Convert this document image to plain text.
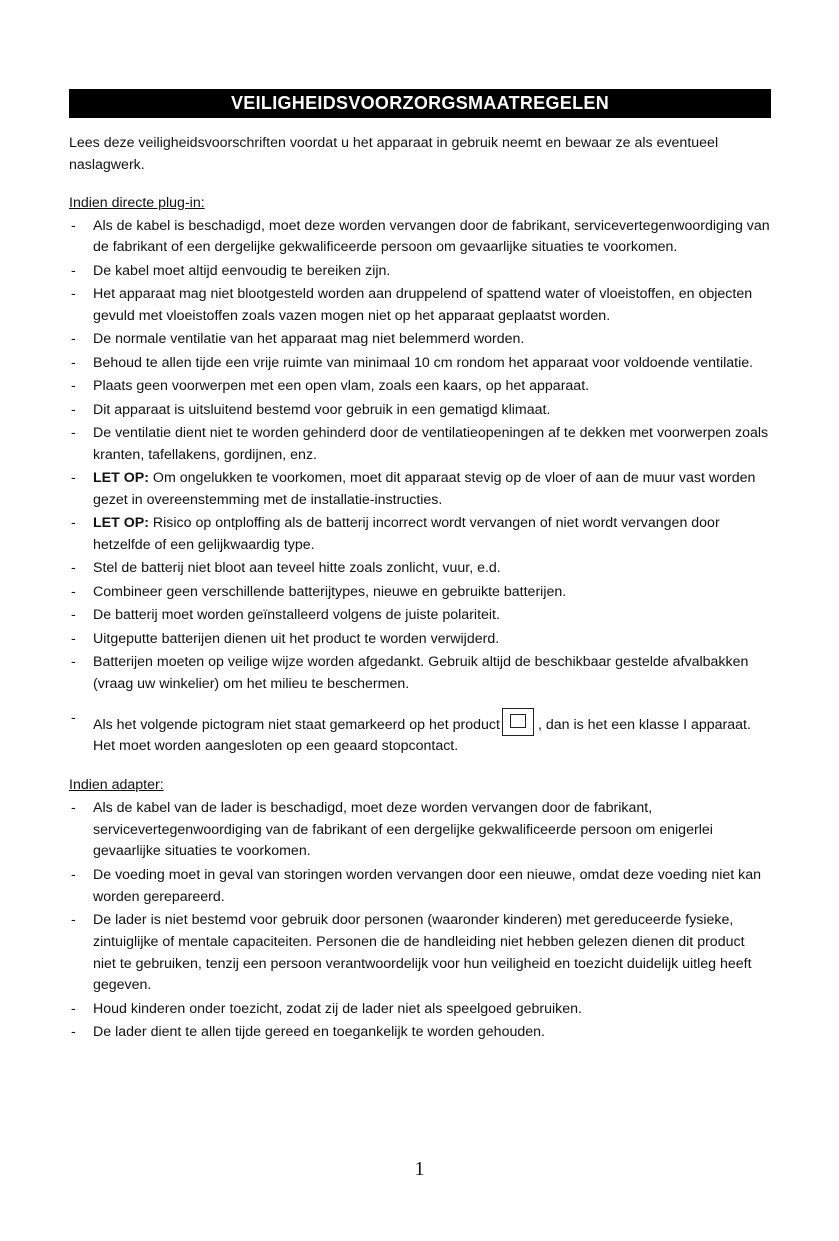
VEILIGHEIDSVOORZORGSMAATREGELEN
Lees deze veiligheidsvoorschriften voordat u het apparaat in gebruik neemt en bewaar ze als eventueel naslagwerk.
Indien directe plug-in:
- Als de kabel is beschadigd, moet deze worden vervangen door de fabrikant, servicevertegenwoordiging van de fabrikant of een dergelijke gekwalificeerde persoon om gevaarlijke situaties te voorkomen.
- De kabel moet altijd eenvoudig te bereiken zijn.
- Het apparaat mag niet blootgesteld worden aan druppelend of spattend water of vloeistoffen, en objecten gevuld met vloeistoffen zoals vazen mogen niet op het apparaat geplaatst worden.
- De normale ventilatie van het apparaat mag niet belemmerd worden.
- Behoud te allen tijde een vrije ruimte van minimaal 10 cm rondom het apparaat voor voldoende ventilatie.
- Plaats geen voorwerpen met een open vlam, zoals een kaars, op het apparaat.
- Dit apparaat is uitsluitend bestemd voor gebruik in een gematigd klimaat.
- De ventilatie dient niet te worden gehinderd door de ventilatieopeningen af te dekken met voorwerpen zoals kranten, tafellakens, gordijnen, enz.
- LET OP: Om ongelukken te voorkomen, moet dit apparaat stevig op de vloer of aan de muur vast worden gezet in overeenstemming met de installatie-instructies.
- LET OP: Risico op ontploffing als de batterij incorrect wordt vervangen of niet wordt vervangen door hetzelfde of een gelijkwaardig type.
- Stel de batterij niet bloot aan teveel hitte zoals zonlicht, vuur, e.d.
- Combineer geen verschillende batterijtypes, nieuwe en gebruikte batterijen.
- De batterij moet worden geïnstalleerd volgens de juiste polariteit.
- Uitgeputte batterijen dienen uit het product te worden verwijderd.
- Batterijen moeten op veilige wijze worden afgedankt. Gebruik altijd de beschikbaar gestelde afvalbakken (vraag uw winkelier) om het milieu te beschermen.
- Als het volgende pictogram niet staat gemarkeerd op het product	, dan is het een klasse I apparaat. Het moet worden aangesloten op een geaard stopcontact.
Indien adapter:
- Als de kabel van de lader is beschadigd, moet deze worden vervangen door de fabrikant, servicevertegenwoordiging van de fabrikant of een dergelijke gekwalificeerde persoon om enigerlei gevaarlijke situaties te voorkomen.
- De voeding moet in geval van storingen worden vervangen door een nieuwe, omdat deze voeding niet kan worden gerepareerd.
- De lader is niet bestemd voor gebruik door personen (waaronder kinderen) met gereduceerde fysieke, zintuiglijke of mentale capaciteiten. Personen die de handleiding niet hebben gelezen dienen dit product niet te gebruiken, tenzij een persoon verantwoordelijk voor hun veiligheid en toezicht duidelijk uitleg heeft gegeven.
- Houd kinderen onder toezicht, zodat zij de lader niet als speelgoed gebruiken.
- De lader dient te allen tijde gereed en toegankelijk te worden gehouden.
1
